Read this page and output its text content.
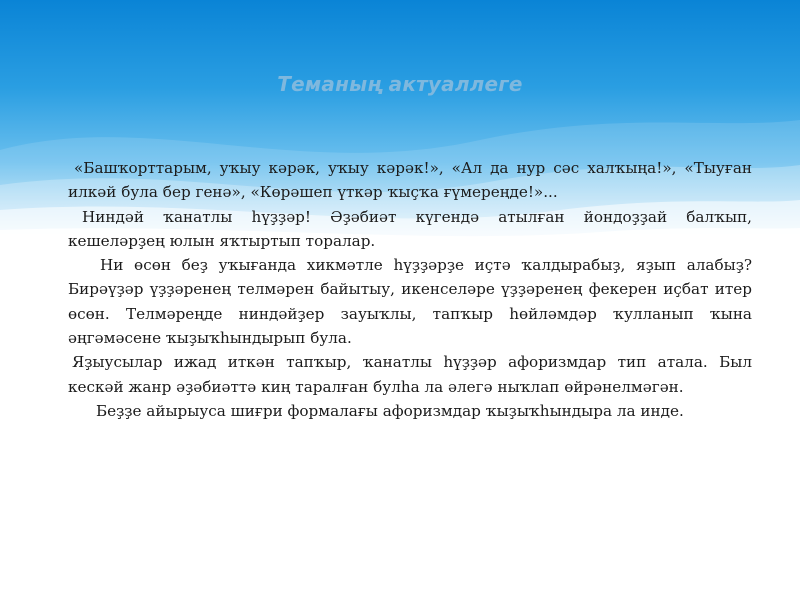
Теманың актуаллеге

«Башҡорттарым, уҡыу кәрәк, уҡыу кәрәк!», «Ал да нур сәс халҡыңа!», «Тыуған илкәй була бер генә», «Көрәшеп үткәр ҡыҫҡа ғүмереңде!»...

Ниндәй ҡанатлы һүҙҙәр! Әҙәбиәт күгендә атылған йондоҙҙай балҡып, кешеләрҙең юлын яҡтыртып торалар.

Ни өсөн беҙ уҡығанда хикмәтле һүҙҙәрҙе иҫтә ҡалдырабыҙ, яҙып алабыҙ? Бирәүҙәр үҙҙәренең телмәрен байытыу, икенселәре үҙҙәренең фекерен иҫбат итер өсөн. Телмәреңде ниндәйҙер зауыҡлы, тапҡыр һөйләмдәр ҡулланып ҡына әңгәмәсене ҡыҙыҡһындырып була.

Яҙыусылар ижад иткән тапҡыр, ҡанатлы һүҙҙәр афоризмдар тип атала. Был кескәй жанр әҙәбиәттә киң таралған булһа ла әлегә ныҡлап өйрәнелмәгән.

Беҙҙе айырыуса шиғри формалағы афоризмдар ҡыҙыҡһындыра ла инде.
